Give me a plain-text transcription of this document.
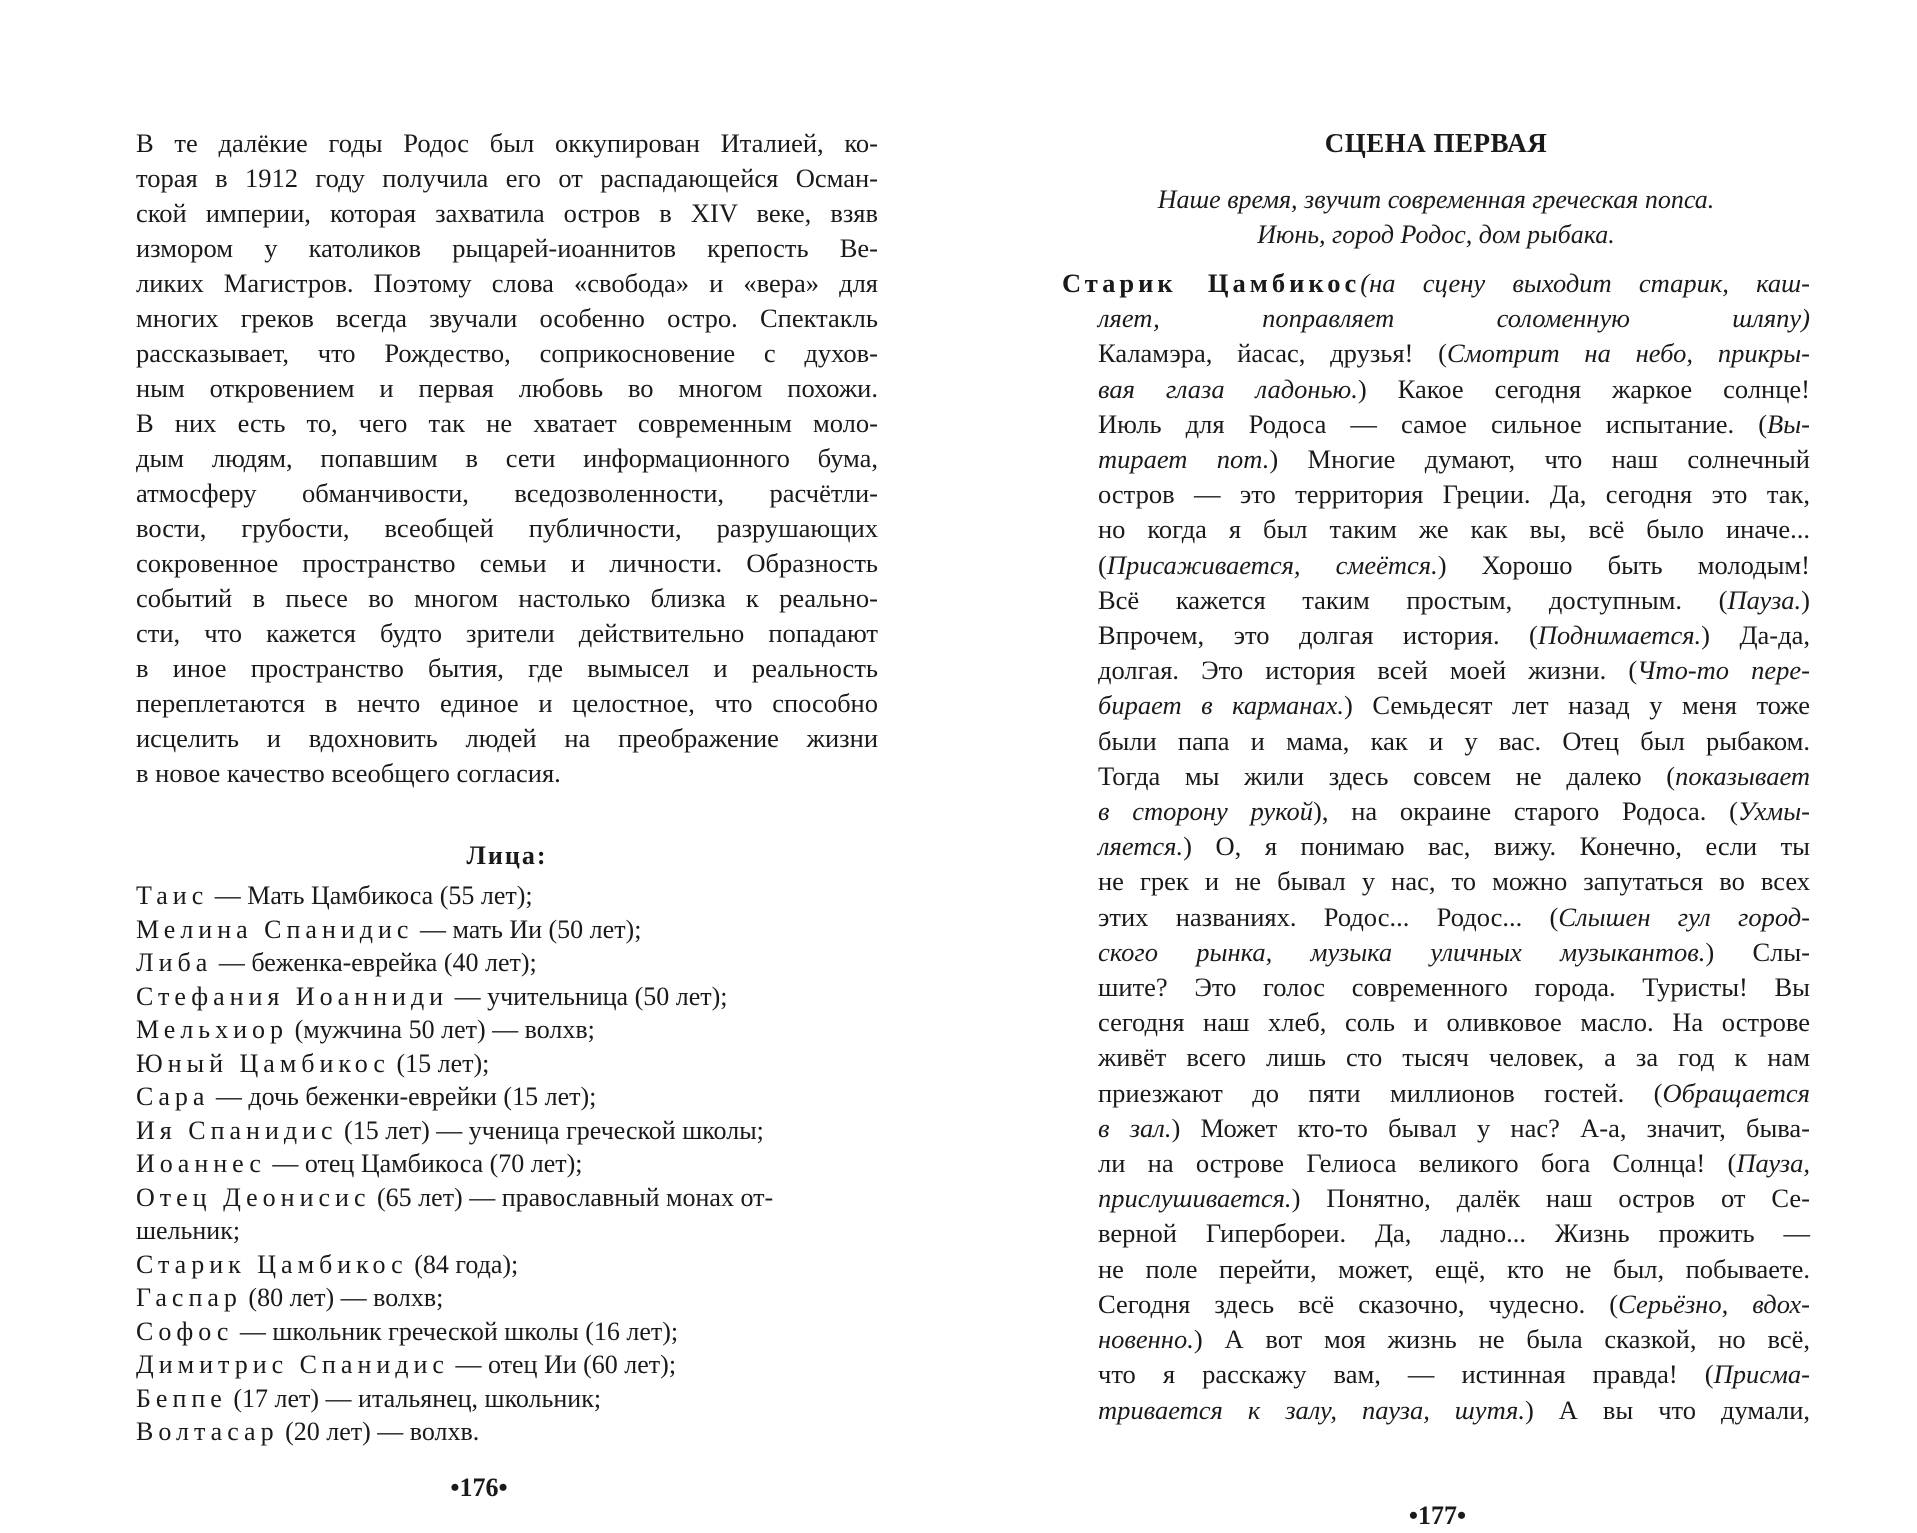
В те далёкие годы Родос был оккупирован Италией, ко-
торая в 1912 году получила его от распадающейся Осман-
ской империи, которая захватила остров в XIV веке, взяв
измором у католиков рыцарей-иоаннитов крепость Ве-
ликих Магистров. Поэтому слова «свобода» и «вера» для
многих греков всегда звучали особенно остро. Спектакль
рассказывает, что Рождество, соприкосновение с духов-
ным откровением и первая любовь во многом похожи.
В них есть то, чего так не хватает современным моло-
дым людям, попавшим в сети информационного бума,
атмосферу обманчивости, вседозволенности, расчётли-
вости, грубости, всеобщей публичности, разрушающих
сокровенное пространство семьи и личности. Образность
событий в пьесе во многом настолько близка к реально-
сти, что кажется будто зрители действительно попадают
в иное пространство бытия, где вымысел и реальность
переплетаются в нечто единое и целостное, что способно
исцелить и вдохновить людей на преображение жизни
в новое качество всеобщего согласия.

Лица:
Таис — Мать Цамбикоса (55 лет);
Мелина Спанидис — мать Ии (50 лет);
Либа — беженка-еврейка (40 лет);
Стефания Иоанниди — учительница (50 лет);
Мельхиор (мужчина 50 лет) — волхв;
Юный Цамбикос (15 лет);
Сара — дочь беженки-еврейки (15 лет);
Ия Спанидис (15 лет) — ученица греческой школы;
Иоаннес — отец Цамбикоса (70 лет);
Отец Деонисис (65 лет) — православный монах от-
шельник;
Старик Цамбикос (84 года);
Гаспар (80 лет) — волхв;
Софос — школьник греческой школы (16 лет);
Димитрис Спанидис — отец Ии (60 лет);
Беппе (17 лет) — итальянец, школьник;
Волтасар (20 лет) — волхв.
•176•
СЦЕНА ПЕРВАЯ
Наше время, звучит современная греческая попса.
Июнь, город Родос, дом рыбака.
Старик Цамбикос(на сцену выходит старик, каш-
ляет, поправляет соломенную шляпу)
Каламэра, йасас, друзья! (Смотрит на небо, прикры-
вая глаза ладонью.) Какое сегодня жаркое солнце!
Июль для Родоса — самое сильное испытание. (Вы-
тирает пот.) Многие думают, что наш солнечный
остров — это территория Греции. Да, сегодня это так,
но когда я был таким же как вы, всё было иначе...
(Присаживается, смеётся.) Хорошо быть молодым!
Всё кажется таким простым, доступным. (Пауза.)
Впрочем, это долгая история. (Поднимается.) Да-да,
долгая. Это история всей моей жизни. (Что-то пере-
бирает в карманах.) Семьдесят лет назад у меня тоже
были папа и мама, как и у вас. Отец был рыбаком.
Тогда мы жили здесь совсем не далеко (показывает
в сторону рукой), на окраине старого Родоса. (Ухмы-
ляется.) О, я понимаю вас, вижу. Конечно, если ты
не грек и не бывал у нас, то можно запутаться во всех
этих названиях. Родос... Родос... (Слышен гул город-
ского рынка, музыка уличных музыкантов.) Слы-
шите? Это голос современного города. Туристы! Вы
сегодня наш хлеб, соль и оливковое масло. На острове
живёт всего лишь сто тысяч человек, а за год к нам
приезжают до пяти миллионов гостей. (Обращается
в зал.) Может кто-то бывал у нас? А-а, значит, быва-
ли на острове Гелиоса великого бога Солнца! (Пауза,
прислушивается.) Понятно, далёк наш остров от Се-
верной Гипербореи. Да, ладно... Жизнь прожить —
не поле перейти, может, ещё, кто не был, побываете.
Сегодня здесь всё сказочно, чудесно. (Серьёзно, вдох-
новенно.) А вот моя жизнь не была сказкой, но всё,
что я расскажу вам, — истинная правда! (Присма-
тривается к залу, пауза, шутя.) А вы что думали,
•177•
